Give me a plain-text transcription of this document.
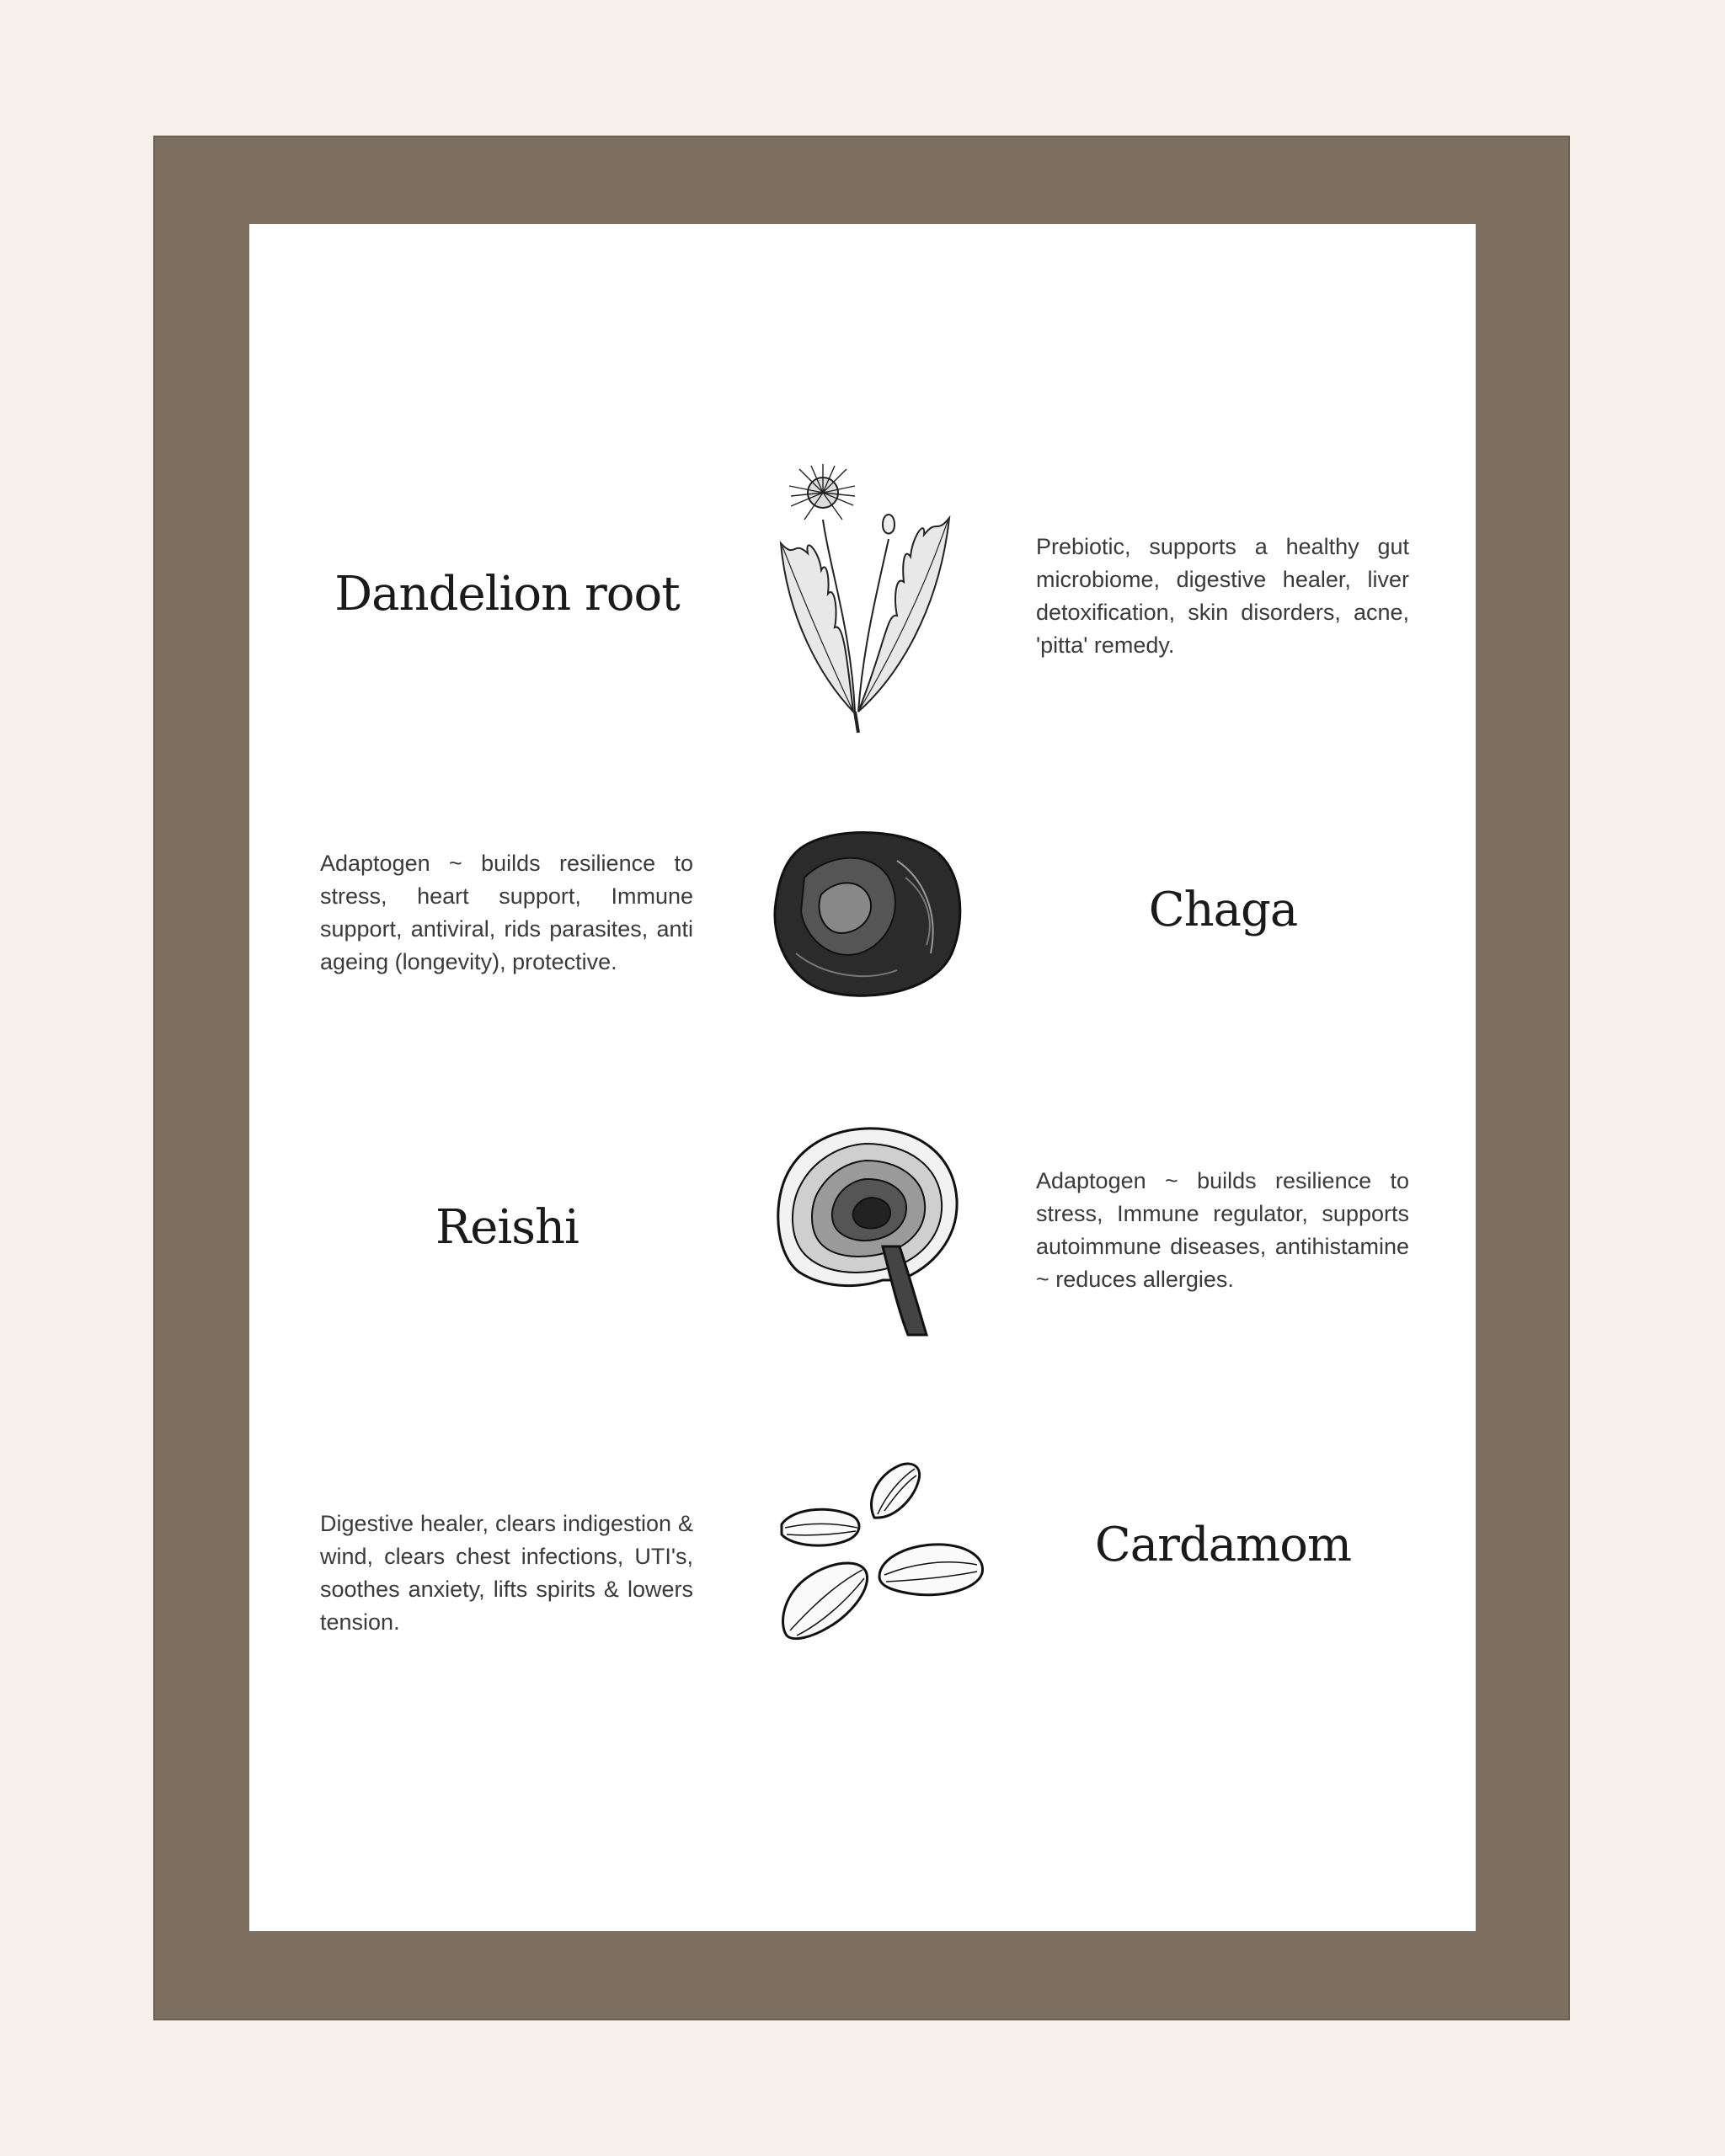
Dandelion root
Prebiotic, supports a healthy gut microbiome, digestive healer, liver detoxification, skin disorders, acne, 'pitta' remedy.
Adaptogen ~ builds resilience to stress, heart support, Immune support, antiviral, rids parasites, anti ageing (longevity), protective.
Chaga
Reishi
Adaptogen ~ builds resilience to stress, Immune regulator, supports autoimmune diseases, antihistamine ~ reduces allergies.
Digestive healer, clears indigestion & wind, clears chest infections, UTI's, soothes anxiety, lifts spirits & lowers tension.
Cardamom
